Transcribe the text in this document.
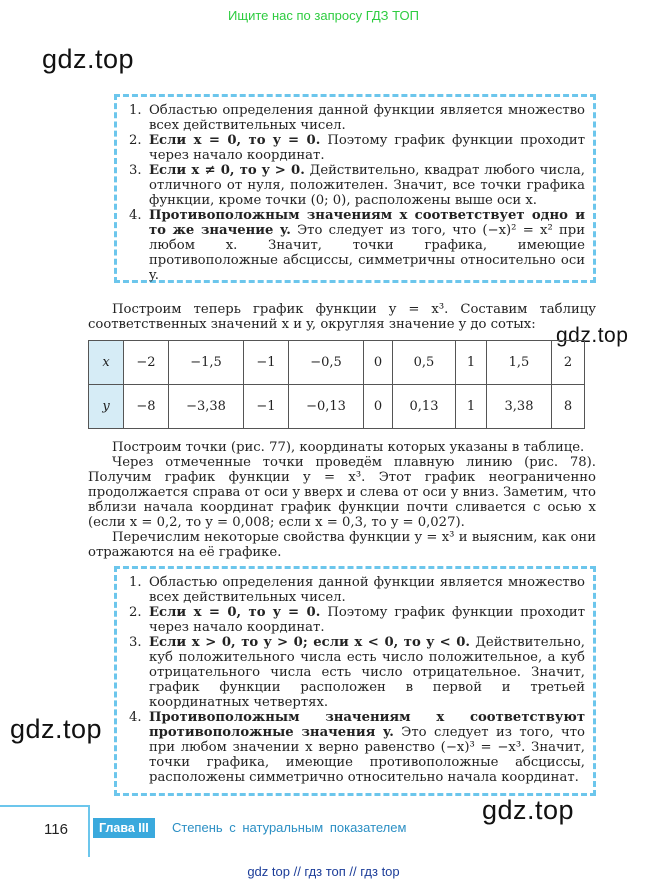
Ищите нас по запросу ГДЗ ТОП
gdz.top
gdz.top
gdz.top
gdz.top
1. Областью определения данной функции является множество всех действительных чисел.
2. Если x = 0, то y = 0. Поэтому график функции проходит через начало координат.
3. Если x ≠ 0, то y > 0. Действительно, квадрат любого числа, отличного от нуля, положителен. Значит, все точки графика функции, кроме точки (0; 0), расположены выше оси x.
4. Противоположным значениям x соответствует одно и то же значение y. Это следует из того, что (−x)² = x² при любом x. Значит, точки графика, имеющие противоположные абсциссы, симметричны относительно оси y.

Построим теперь график функции y = x³. Составим таблицу соответственных значений x и y, округляя значение y до сотых:

x	−2	−1,5	−1	−0,5	0	0,5	1	1,5	2
y	−8	−3,38	−1	−0,13	0	0,13	1	3,38	8

Построим точки (рис. 77), координаты которых указаны в таблице.

Через отмеченные точки проведём плавную линию (рис. 78). Получим график функции y = x³. Этот график неограниченно продолжается справа от оси y вверх и слева от оси y вниз. Заметим, что вблизи начала координат график функции почти сливается с осью x (если x = 0,2, то y = 0,008; если x = 0,3, то y = 0,027).

Перечислим некоторые свойства функции y = x³ и выясним, как они отражаются на её графике.

1. Областью определения данной функции является множество всех действительных чисел.
2. Если x = 0, то y = 0. Поэтому график функции проходит через начало координат.
3. Если x > 0, то y > 0; если x < 0, то y < 0. Действительно, куб положительного числа есть число положительное, а куб отрицательного числа есть число отрицательное. Значит, график функции расположен в первой и третьей координатных четвертях.
4. Противоположным значениям x соответствуют противоположные значения y. Это следует из того, что при любом значении x верно равенство (−x)³ = −x³. Значит, точки графика, имеющие противоположные абсциссы, расположены симметрично относительно начала координат.
116	Глава III	Степень с натуральным показателем
gdz top // гдз топ // гдз top
